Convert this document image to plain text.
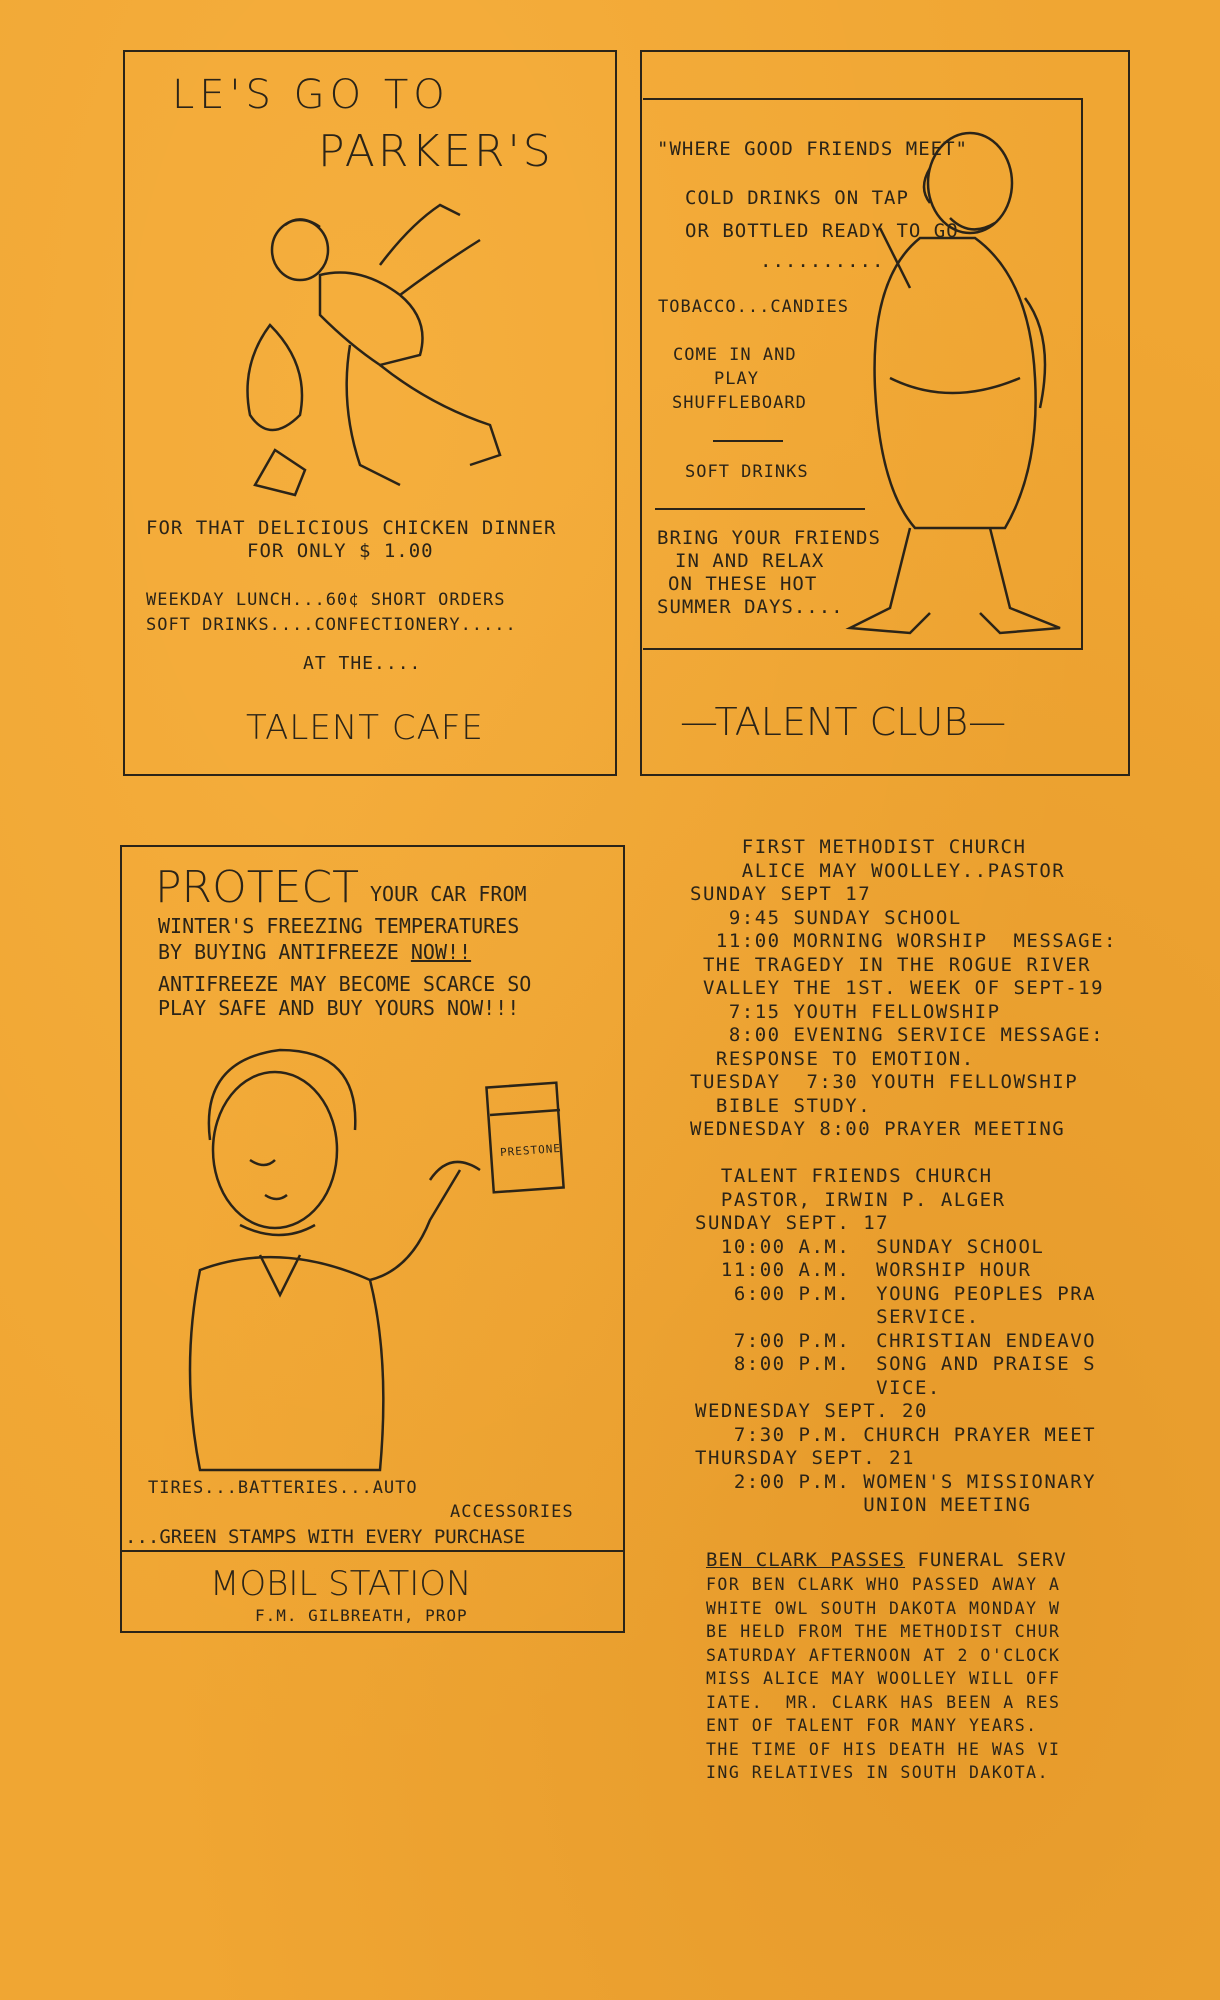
LE'S GO TO
PARKER'S
FOR THAT DELICIOUS CHICKEN DINNER
FOR ONLY $ 1.00
WEEKDAY LUNCH...60¢ SHORT ORDERS
SOFT DRINKS....CONFECTIONERY.....
AT THE....
TALENT CAFE
"WHERE GOOD FRIENDS MEET"
COLD DRINKS ON TAP
OR BOTTLED READY TO GO
..........
TOBACCO...CANDIES
COME IN AND
PLAY
SHUFFLEBOARD
SOFT DRINKS
BRING YOUR FRIENDS
IN AND RELAX
ON THESE HOT
SUMMER DAYS....
—TALENT CLUB—
PROTECT YOUR CAR FROM
WINTER'S FREEZING TEMPERATURES
BY BUYING ANTIFREEZE NOW!!
ANTIFREEZE MAY BECOME SCARCE SO
PLAY SAFE AND BUY YOURS NOW!!!
PRESTONE
TIRES...BATTERIES...AUTO
ACCESSORIES
...GREEN STAMPS WITH EVERY PURCHASE
MOBIL STATION
F.M. GILBREATH, PROP
FIRST METHODIST CHURCH
ALICE MAY WOOLLEY..PASTOR
SUNDAY SEPT 17
9:45 SUNDAY SCHOOL
11:00 MORNING WORSHIP  MESSAGE:
THE TRAGEDY IN THE ROGUE RIVER
VALLEY THE 1ST. WEEK OF SEPT-19
7:15 YOUTH FELLOWSHIP
8:00 EVENING SERVICE MESSAGE:
RESPONSE TO EMOTION.
TUESDAY  7:30 YOUTH FELLOWSHIP
BIBLE STUDY.
WEDNESDAY 8:00 PRAYER MEETING
TALENT FRIENDS CHURCH
PASTOR, IRWIN P. ALGER
SUNDAY SEPT. 17
10:00 A.M.  SUNDAY SCHOOL
11:00 A.M.  WORSHIP HOUR
6:00 P.M.  YOUNG PEOPLES PRA
SERVICE.
7:00 P.M.  CHRISTIAN ENDEAVO
8:00 P.M.  SONG AND PRAISE S
VICE.
WEDNESDAY SEPT. 20
7:30 P.M. CHURCH PRAYER MEET
THURSDAY SEPT. 21
2:00 P.M. WOMEN'S MISSIONARY
UNION MEETING
BEN CLARK PASSES FUNERAL SERV
FOR BEN CLARK WHO PASSED AWAY A
WHITE OWL SOUTH DAKOTA MONDAY W
BE HELD FROM THE METHODIST CHUR
SATURDAY AFTERNOON AT 2 O'CLOCK
MISS ALICE MAY WOOLLEY WILL OFF
IATE.  MR. CLARK HAS BEEN A RES
ENT OF TALENT FOR MANY YEARS.
THE TIME OF HIS DEATH HE WAS VI
ING RELATIVES IN SOUTH DAKOTA.
